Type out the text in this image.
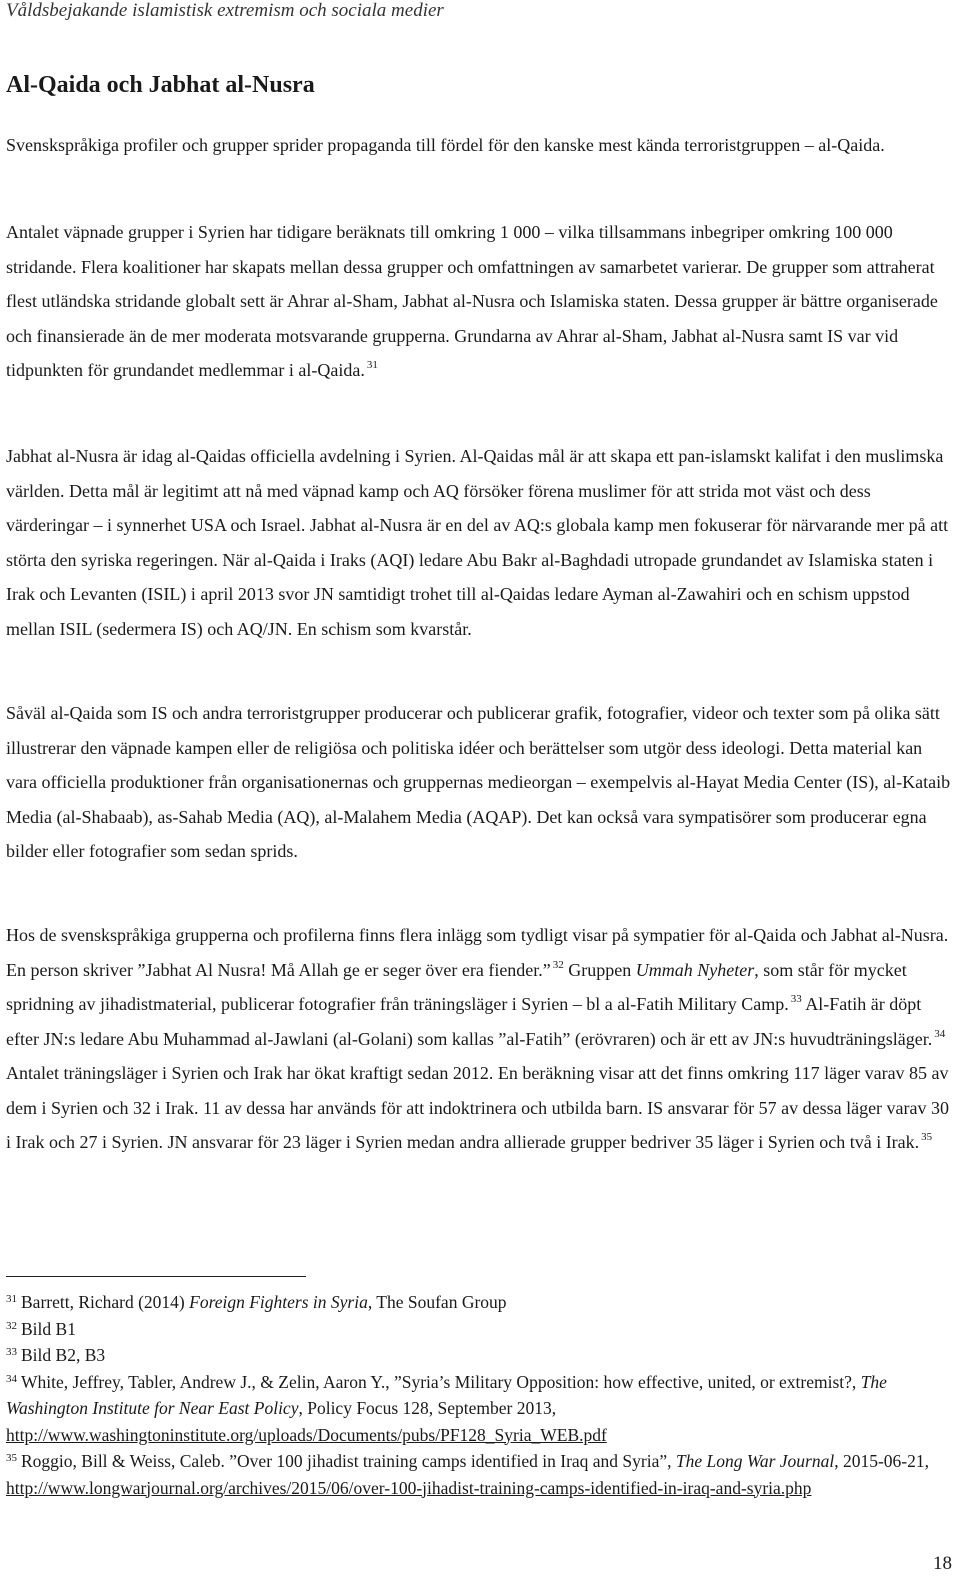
Våldsbejakande islamistisk extremism och sociala medier
Al-Qaida och Jabhat al-Nusra

Svenskspråkiga profiler och grupper sprider propaganda till fördel för den kanske mest kända terroristgruppen – al-Qaida.

Antalet väpnade grupper i Syrien har tidigare beräknats till omkring 1 000 – vilka tillsammans inbegriper omkring 100 000 stridande. Flera koalitioner har skapats mellan dessa grupper och omfattningen av samarbetet varierar. De grupper som attraherat flest utländska stridande globalt sett är Ahrar al-Sham, Jabhat al-Nusra och Islamiska staten. Dessa grupper är bättre organiserade och finansierade än de mer moderata motsvarande grupperna. Grundarna av Ahrar al-Sham, Jabhat al-Nusra samt IS var vid tidpunkten för grundandet medlemmar i al-Qaida. $^{31}$

Jabhat al-Nusra är idag al-Qaidas officiella avdelning i Syrien. Al-Qaidas mål är att skapa ett pan-islamskt kalifat i den muslimska världen. Detta mål är legitimt att nå med väpnad kamp och AQ försöker förena muslimer för att strida mot väst och dess värderingar – i synnerhet USA och Israel. Jabhat al-Nusra är en del av AQ:s globala kamp men fokuserar för närvarande mer på att störta den syriska regeringen. När al-Qaida i Iraks (AQI) ledare Abu Bakr al-Baghdadi utropade grundandet av Islamiska staten i Irak och Levanten (ISIL) i april 2013 svor JN samtidigt trohet till al-Qaidas ledare Ayman al-Zawahiri och en schism uppstod mellan ISIL (sedermera IS) och AQ/JN. En schism som kvarstår.

Såväl al-Qaida som IS och andra terroristgrupper producerar och publicerar grafik, fotografier, videor och texter som på olika sätt illustrerar den väpnade kampen eller de religiösa och politiska idéer och berättelser som utgör dess ideologi. Detta material kan vara officiella produktioner från organisationernas och gruppernas medieorgan – exempelvis al-Hayat Media Center (IS), al-Kataib Media (al-Shabaab), as-Sahab Media (AQ), al-Malahem Media (AQAP). Det kan också vara sympatisörer som producerar egna bilder eller fotografier som sedan sprids.

Hos de svenskspråkiga grupperna och profilerna finns flera inlägg som tydligt visar på sympatier för al-Qaida och Jabhat al-Nusra. En person skriver ”Jabhat Al Nusra! Må Allah ge er seger över era fiender.” $^{32}$ Gruppen Ummah Nyheter, som står för mycket spridning av jihadistmaterial, publicerar fotografier från träningsläger i Syrien – bl a al-Fatih Military Camp. $^{33}$ Al-Fatih är döpt efter JN:s ledare Abu Muhammad al-Jawlani (al-Golani) som kallas ”al-Fatih” (erövraren) och är ett av JN:s huvudträningsläger. $^{34}$ Antalet träningsläger i Syrien och Irak har ökat kraftigt sedan 2012. En beräkning visar att det finns omkring 117 läger varav 85 av dem i Syrien och 32 i Irak. 11 av dessa har används för att indoktrinera och utbilda barn. IS ansvarar för 57 av dessa läger varav 30 i Irak och 27 i Syrien. JN ansvarar för 23 läger i Syrien medan andra allierade grupper bedriver 35 läger i Syrien och två i Irak. $^{35}$

$^{31}$ Barrett, Richard (2014) Foreign Fighters in Syria, The Soufan Group

$^{32}$ Bild B1

$^{33}$ Bild B2, B3

$^{34}$ White, Jeffrey, Tabler, Andrew J., & Zelin, Aaron Y., ”Syria’s Military Opposition: how effective, united, or extremist?, The Washington Institute for Near East Policy, Policy Focus 128, September 2013, http://www.washingtoninstitute.org/uploads/Documents/pubs/PF128_Syria_WEB.pdf

$^{35}$ Roggio, Bill & Weiss, Caleb. ”Over 100 jihadist training camps identified in Iraq and Syria”, The Long War Journal, 2015-06-21, http://www.longwarjournal.org/archives/2015/06/over-100-jihadist-training-camps-identified-in-iraq-and-syria.php

18
